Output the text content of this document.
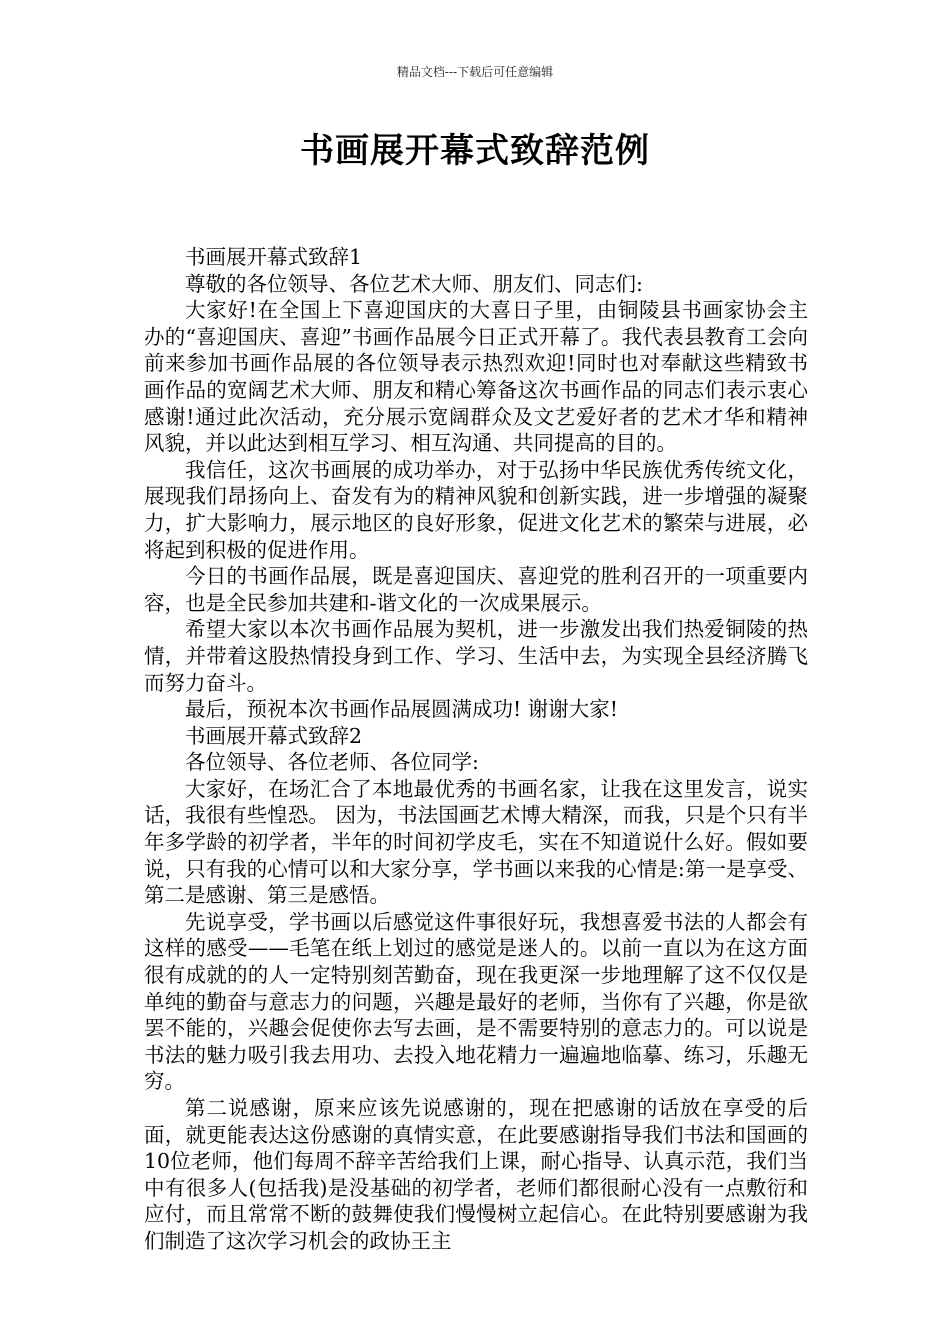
精品文档---下载后可任意编辑
书画展开幕式致辞范例

书画展开幕式致辞1

尊敬的各位领导、各位艺术大师、朋友们、同志们:

大家好!在全国上下喜迎国庆的大喜日子里，由铜陵县书画家协会主办的“喜迎国庆、喜迎”书画作品展今日正式开幕了。我代表县教育工会向前来参加书画作品展的各位领导表示热烈欢迎!同时也对奉献这些精致书画作品的宽阔艺术大师、朋友和精心筹备这次书画作品的同志们表示衷心感谢!通过此次活动，充分展示宽阔群众及文艺爱好者的艺术才华和精神风貌，并以此达到相互学习、相互沟通、共同提高的目的。

我信任，这次书画展的成功举办，对于弘扬中华民族优秀传统文化，展现我们昂扬向上、奋发有为的精神风貌和创新实践，进一步增强的凝聚力，扩大影响力，展示地区的良好形象，促进文化艺术的繁荣与进展，必将起到积极的促进作用。

今日的书画作品展，既是喜迎国庆、喜迎党的胜利召开的一项重要内容，也是全民参加共建和-谐文化的一次成果展示。

希望大家以本次书画作品展为契机，进一步激发出我们热爱铜陵的热情，并带着这股热情投身到工作、学习、生活中去，为实现全县经济腾飞而努力奋斗。

最后，预祝本次书画作品展圆满成功! 谢谢大家!

书画展开幕式致辞2

各位领导、各位老师、各位同学:

大家好，在场汇合了本地最优秀的书画名家，让我在这里发言，说实话，我很有些惶恐。 因为，书法国画艺术博大精深，而我，只是个只有半年多学龄的初学者，半年的时间初学皮毛，实在不知道说什么好。假如要说，只有我的心情可以和大家分享，学书画以来我的心情是:第一是享受、第二是感谢、第三是感悟。

先说享受，学书画以后感觉这件事很好玩，我想喜爱书法的人都会有这样的感受——毛笔在纸上划过的感觉是迷人的。以前一直以为在这方面很有成就的的人一定特别刻苦勤奋，现在我更深一步地理解了这不仅仅是单纯的勤奋与意志力的问题，兴趣是最好的老师，当你有了兴趣，你是欲罢不能的，兴趣会促使你去写去画，是不需要特别的意志力的。可以说是书法的魅力吸引我去用功、去投入地花精力一遍遍地临摹、练习，乐趣无穷。

第二说感谢，原来应该先说感谢的，现在把感谢的话放在享受的后面，就更能表达这份感谢的真情实意，在此要感谢指导我们书法和国画的10位老师，他们每周不辞辛苦给我们上课，耐心指导、认真示范，我们当中有很多人(包括我)是没基础的初学者，老师们都很耐心没有一点敷衍和应付，而且常常不断的鼓舞使我们慢慢树立起信心。在此特别要感谢为我们制造了这次学习机会的政协王主
